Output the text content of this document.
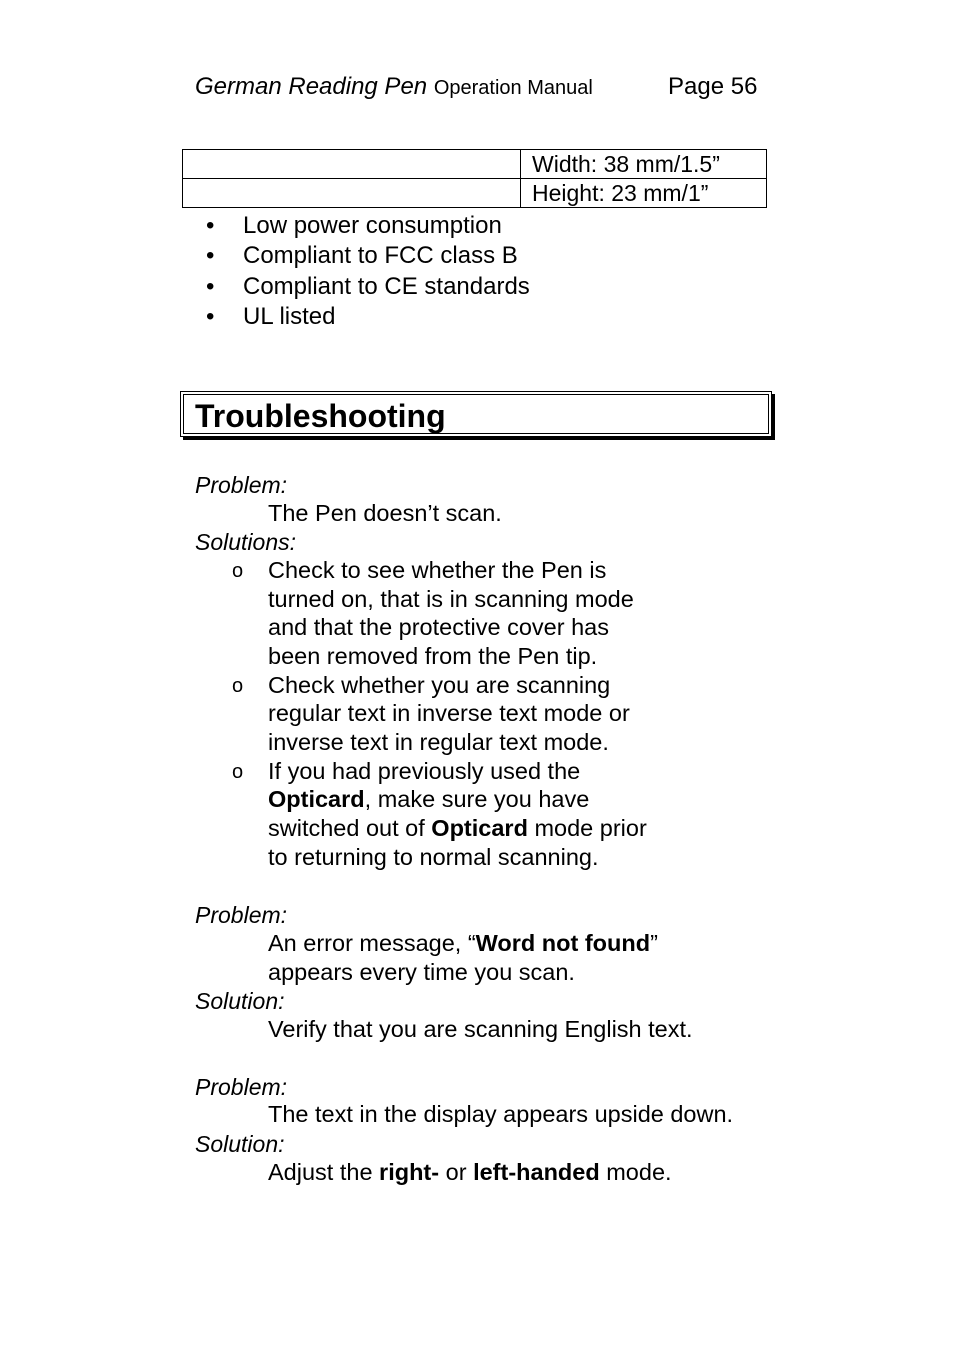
German Reading Pen Operation Manual	Page 56
	Width: 38 mm/1.5”
	Height: 23 mm/1”
• Low power consumption
• Compliant to FCC class B
• Compliant to CE standards
• UL listed
Troubleshooting
Problem:
The Pen doesn’t scan.
Solutions:
o Check to see whether the Pen is
turned on, that is in scanning mode
and that the protective cover has
been removed from the Pen tip.
o Check whether you are scanning
regular text in inverse text mode or
inverse text in regular text mode.
o If you had previously used the
Opticard, make sure you have
switched out of Opticard mode prior
to returning to normal scanning.
Problem:
An error message, “Word not found”
appears every time you scan.
Solution:
Verify that you are scanning English text.
Problem:
The text in the display appears upside down.
Solution:
Adjust the right- or left-handed mode.
